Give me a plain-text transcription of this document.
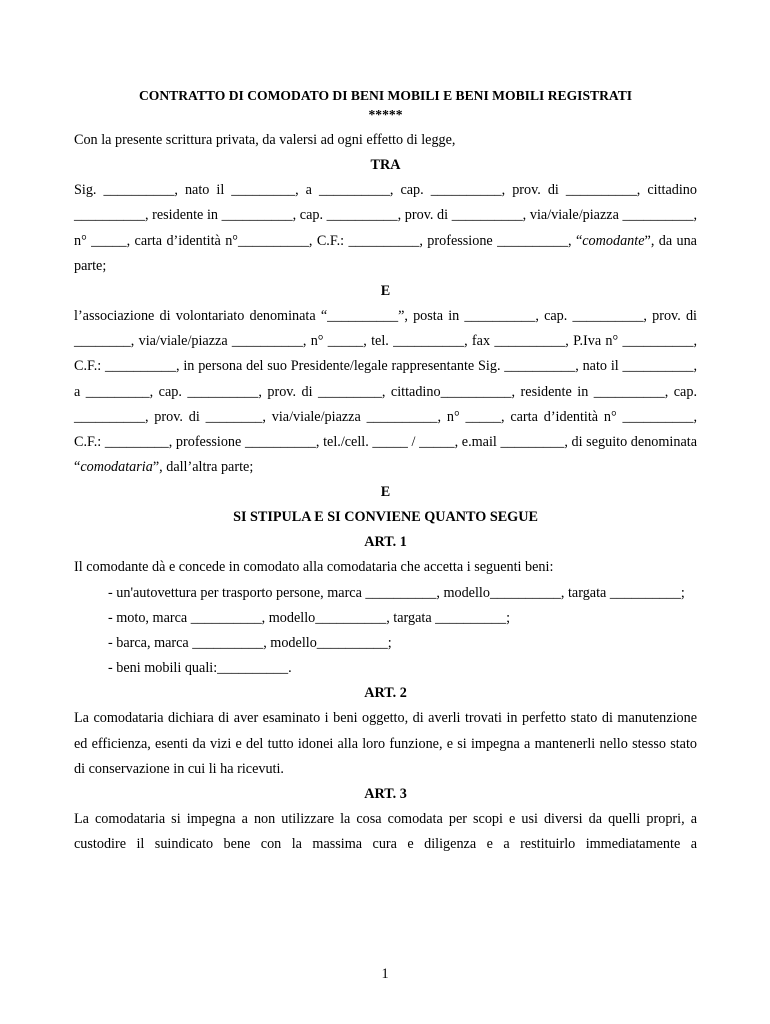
CONTRATTO DI COMODATO DI BENI MOBILI E BENI MOBILI REGISTRATI

*****

Con la presente scrittura privata, da valersi ad ogni effetto di legge,

TRA

Sig. __________, nato il _________, a __________, cap. __________, prov. di __________, cittadino __________, residente in __________, cap. __________, prov. di __________, via/viale/piazza __________, n° _____, carta d’identità n°__________, C.F.: __________, professione __________, “comodante”, da una parte;

E

l’associazione di volontariato denominata “__________”, posta in __________, cap. __________, prov. di ________, via/viale/piazza __________, n° _____, tel. __________, fax __________, P.Iva n° __________, C.F.: __________, in persona del suo Presidente/legale rappresentante Sig. __________, nato il __________, a _________, cap. __________, prov. di _________, cittadino__________, residente in __________, cap. __________, prov. di ________, via/viale/piazza __________, n° _____, carta d’identità n° __________, C.F.: _________, professione __________, tel./cell. _____ / _____, e.mail _________, di seguito denominata “comodataria”, dall’altra parte;

E

SI STIPULA E SI CONVIENE QUANTO SEGUE

ART. 1

Il comodante dà e concede in comodato alla comodataria che accetta i seguenti beni:

- un'autovettura per trasporto persone, marca __________, modello__________, targata __________;
- moto, marca __________, modello__________, targata __________;
- barca, marca __________, modello__________;
- beni mobili quali:__________.

ART. 2

La comodataria dichiara di aver esaminato i beni oggetto, di averli trovati in perfetto stato di manutenzione ed efficienza, esenti da vizi e del tutto idonei alla loro funzione, e si impegna a mantenerli nello stesso stato di conservazione in cui li ha ricevuti.

ART. 3

La comodataria si impegna a non utilizzare la cosa comodata per scopi e usi diversi da quelli propri, a custodire il suindicato bene con la massima cura e diligenza e a restituirlo immediatamente a

1
